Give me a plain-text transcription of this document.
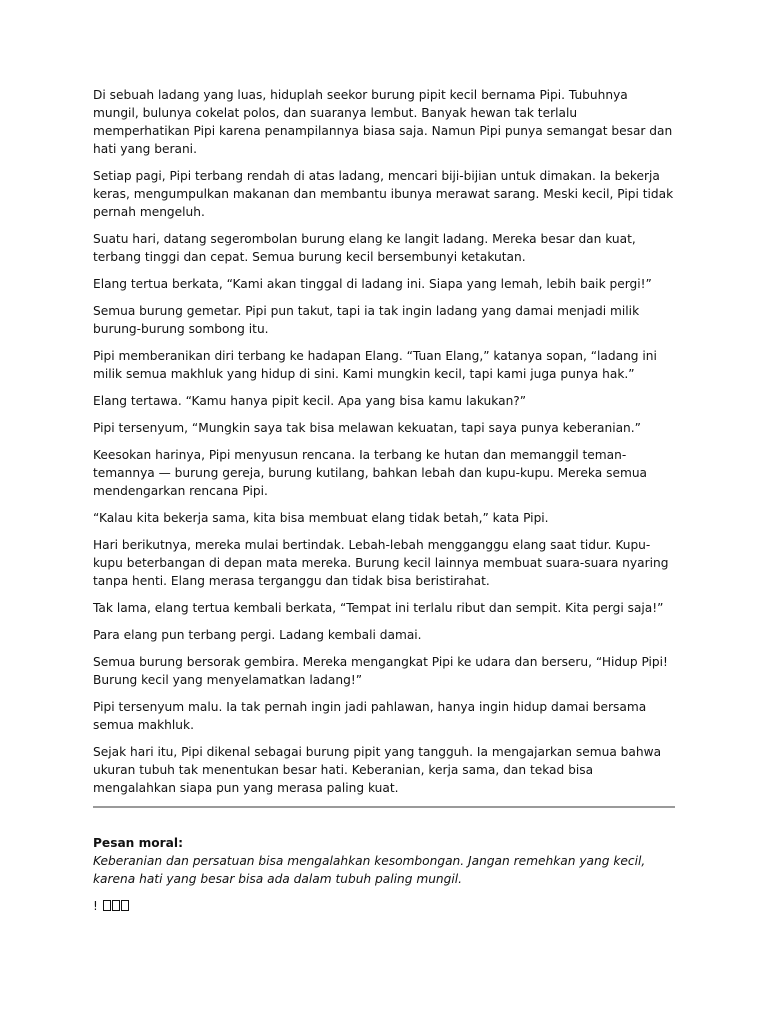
Di sebuah ladang yang luas, hiduplah seekor burung pipit kecil bernama Pipi. Tubuhnya mungil, bulunya cokelat polos, dan suaranya lembut. Banyak hewan tak terlalu memperhatikan Pipi karena penampilannya biasa saja. Namun Pipi punya semangat besar dan hati yang berani.

Setiap pagi, Pipi terbang rendah di atas ladang, mencari biji-bijian untuk dimakan. Ia bekerja keras, mengumpulkan makanan dan membantu ibunya merawat sarang. Meski kecil, Pipi tidak pernah mengeluh.

Suatu hari, datang segerombolan burung elang ke langit ladang. Mereka besar dan kuat, terbang tinggi dan cepat. Semua burung kecil bersembunyi ketakutan.

Elang tertua berkata, “Kami akan tinggal di ladang ini. Siapa yang lemah, lebih baik pergi!”

Semua burung gemetar. Pipi pun takut, tapi ia tak ingin ladang yang damai menjadi milik burung-burung sombong itu.

Pipi memberanikan diri terbang ke hadapan Elang. “Tuan Elang,” katanya sopan, “ladang ini milik semua makhluk yang hidup di sini. Kami mungkin kecil, tapi kami juga punya hak.”

Elang tertawa. “Kamu hanya pipit kecil. Apa yang bisa kamu lakukan?”

Pipi tersenyum, “Mungkin saya tak bisa melawan kekuatan, tapi saya punya keberanian.”

Keesokan harinya, Pipi menyusun rencana. Ia terbang ke hutan dan memanggil teman-temannya — burung gereja, burung kutilang, bahkan lebah dan kupu-kupu. Mereka semua mendengarkan rencana Pipi.

“Kalau kita bekerja sama, kita bisa membuat elang tidak betah,” kata Pipi.

Hari berikutnya, mereka mulai bertindak. Lebah-lebah mengganggu elang saat tidur. Kupu-kupu beterbangan di depan mata mereka. Burung kecil lainnya membuat suara-suara nyaring tanpa henti. Elang merasa terganggu dan tidak bisa beristirahat.

Tak lama, elang tertua kembali berkata, “Tempat ini terlalu ribut dan sempit. Kita pergi saja!”

Para elang pun terbang pergi. Ladang kembali damai.

Semua burung bersorak gembira. Mereka mengangkat Pipi ke udara dan berseru, “Hidup Pipi! Burung kecil yang menyelamatkan ladang!”

Pipi tersenyum malu. Ia tak pernah ingin jadi pahlawan, hanya ingin hidup damai bersama semua makhluk.

Sejak hari itu, Pipi dikenal sebagai burung pipit yang tangguh. Ia mengajarkan semua bahwa ukuran tubuh tak menentukan besar hati. Keberanian, kerja sama, dan tekad bisa mengalahkan siapa pun yang merasa paling kuat.

Pesan moral:

Keberanian dan persatuan bisa mengalahkan kesombongan. Jangan remehkan yang kecil, karena hati yang besar bisa ada dalam tubuh paling mungil.

!
